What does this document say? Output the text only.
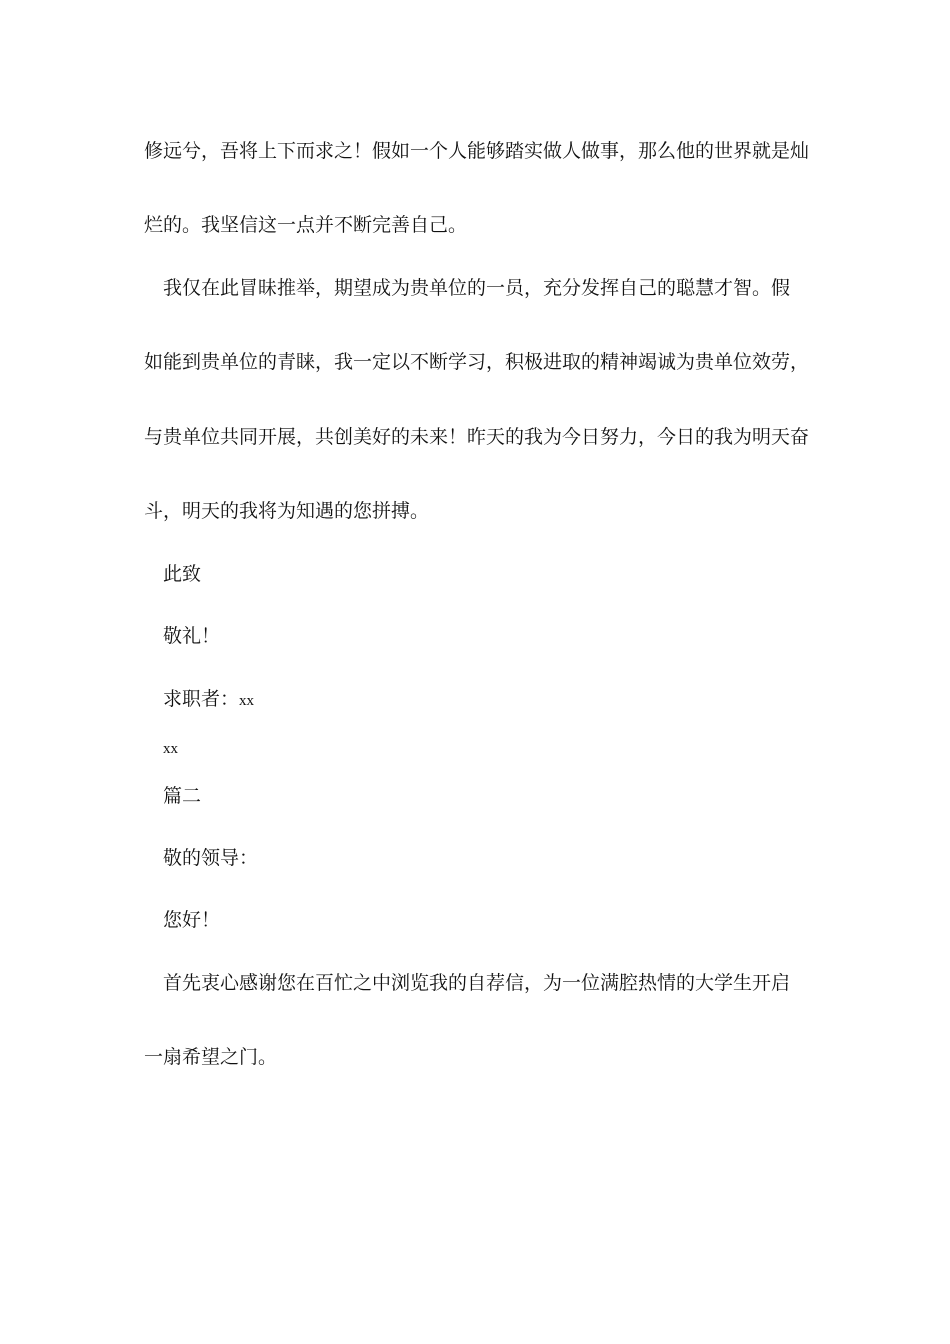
修远兮，吾将上下而求之！假如一个人能够踏实做人做事，那么他的世界就是灿
烂的。我坚信这一点并不断完善自己。
我仅在此冒昧推举，期望成为贵单位的一员，充分发挥自己的聪慧才智。假
如能到贵单位的青睐，我一定以不断学习，积极进取的精神竭诚为贵单位效劳，
与贵单位共同开展，共创美好的未来！昨天的我为今日努力，今日的我为明天奋
斗，明天的我将为知遇的您拼搏。
此致
敬礼！
求职者：xx
xx
篇二
敬的领导：
您好！
首先衷心感谢您在百忙之中浏览我的自荐信，为一位满腔热情的大学生开启
一扇希望之门。
